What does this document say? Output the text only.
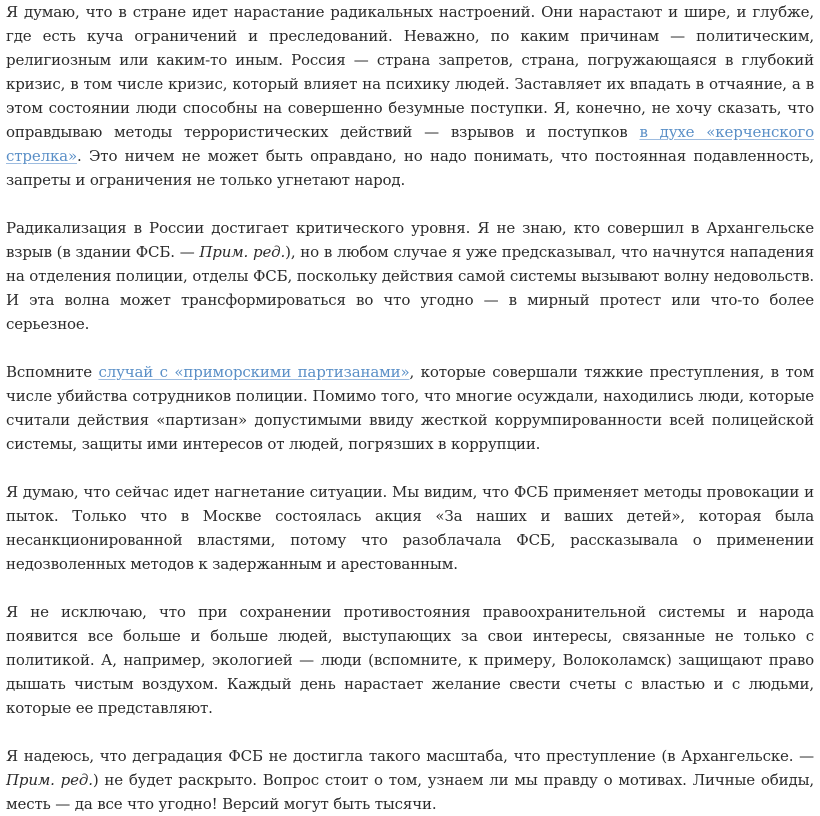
Я думаю, что в стране идет нарастание радикальных настроений. Они нарастают и шире, и глубже, где есть куча ограничений и преследований. Неважно, по каким причинам — политическим, религиозным или каким-то иным. Россия — страна запретов, страна, погружающаяся в глубокий кризис, в том числе кризис, который влияет на психику людей. Заставляет их впадать в отчаяние, а в этом состоянии люди способны на совершенно безумные поступки. Я, конечно, не хочу сказать, что оправдываю методы террористических действий — взрывов и поступков в духе «керченского стрелка». Это ничем не может быть оправдано, но надо понимать, что постоянная подавленность, запреты и ограничения не только угнетают народ.

Радикализация в России достигает критического уровня. Я не знаю, кто совершил в Архангельске взрыв (в здании ФСБ. — Прим. ред.), но в любом случае я уже предсказывал, что начнутся нападения на отделения полиции, отделы ФСБ, поскольку действия самой системы вызывают волну недовольств. И эта волна может трансформироваться во что угодно — в мирный протест или что-то более серьезное.

Вспомните случай с «приморскими партизанами», которые совершали тяжкие преступления, в том числе убийства сотрудников полиции. Помимо того, что многие осуждали, находились люди, которые считали действия «партизан» допустимыми ввиду жесткой коррумпированности всей полицейской системы, защиты ими интересов от людей, погрязших в коррупции.

Я думаю, что сейчас идет нагнетание ситуации. Мы видим, что ФСБ применяет методы провокации и пыток. Только что в Москве состоялась акция «За наших и ваших детей», которая была несанкционированной властями, потому что разоблачала ФСБ, рассказывала о применении недозволенных методов к задержанным и арестованным.

Я не исключаю, что при сохранении противостояния правоохранительной системы и народа появится все больше и больше людей, выступающих за свои интересы, связанные не только с политикой. А, например, экологией — люди (вспомните, к примеру, Волоколамск) защищают право дышать чистым воздухом. Каждый день нарастает желание свести счеты с властью и с людьми, которые ее представляют.

Я надеюсь, что деградация ФСБ не достигла такого масштаба, что преступление (в Архангельске. — Прим. ред.) не будет раскрыто. Вопрос стоит о том, узнаем ли мы правду о мотивах. Личные обиды, месть — да все что угодно! Версий могут быть тысячи.
